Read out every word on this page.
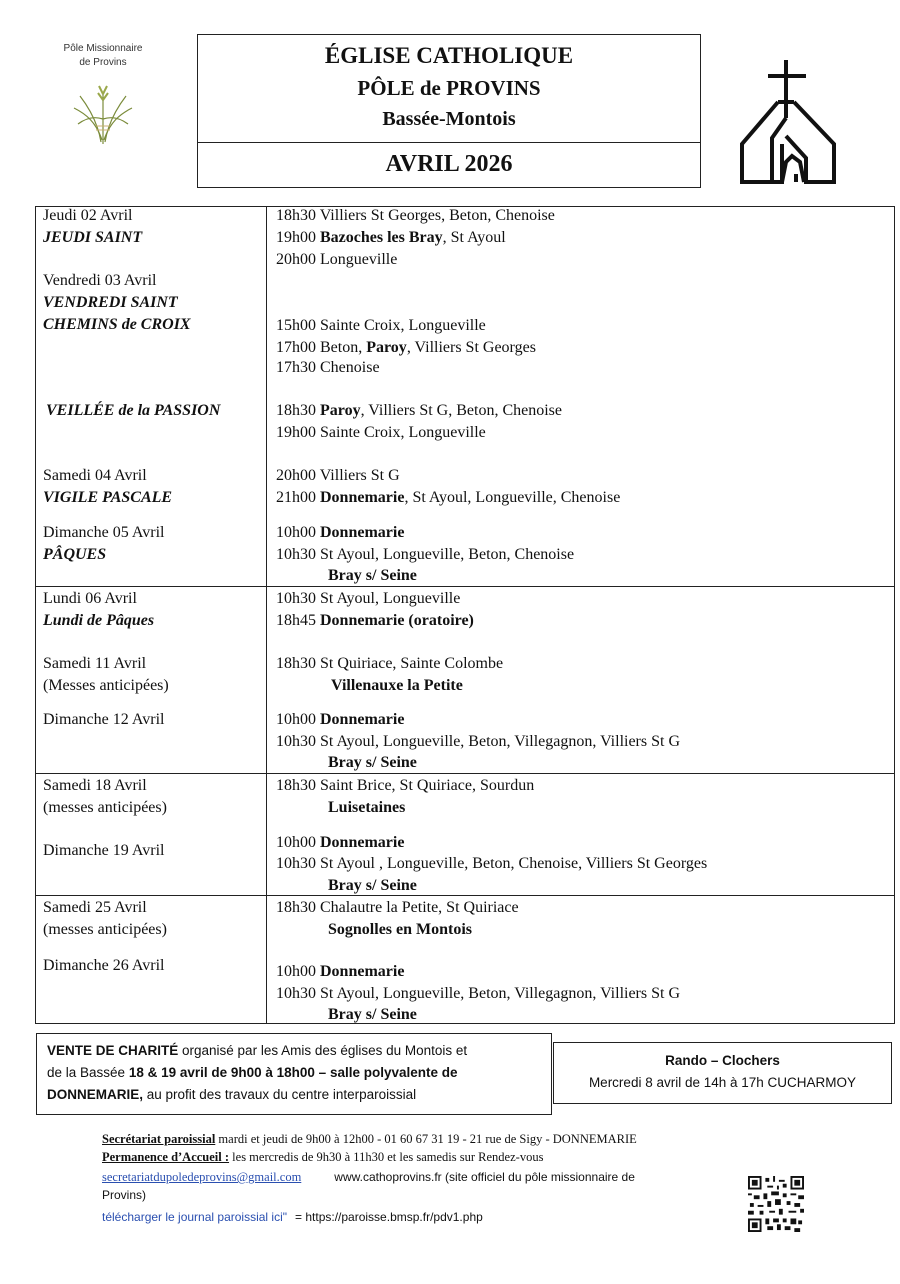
Pôle Missionnaire
de Provins	ÉGLISE CATHOLIQUE
PÔLE de PROVINS
Bassée-Montois
AVRIL 2026
Jeudi 02 Avril
JEUDI SAINT
Vendredi 03 Avril
VENDREDI SAINT
CHEMINS de CROIX
VEILLÉE de la PASSION
Samedi 04 Avril
VIGILE PASCALE
Dimanche 05 Avril
PÂQUES
18h30 Villiers St Georges, Beton, Chenoise
19h00 Bazoches les Bray, St Ayoul
20h00 Longueville
15h00 Sainte Croix, Longueville
17h00 Beton, Paroy, Villiers St Georges
17h30 Chenoise
18h30 Paroy, Villiers St G, Beton, Chenoise
19h00 Sainte Croix, Longueville
20h00 Villiers St G
21h00 Donnemarie, St Ayoul, Longueville, Chenoise
10h00 Donnemarie
10h30 St Ayoul, Longueville, Beton, Chenoise
Bray s/ Seine
Lundi 06 Avril
Lundi de Pâques
Samedi 11 Avril
(Messes anticipées)
Dimanche 12 Avril
10h30 St Ayoul, Longueville
18h45 Donnemarie (oratoire)
18h30 St Quiriace, Sainte Colombe
Villenauxe la Petite
10h00 Donnemarie
10h30 St Ayoul, Longueville, Beton, Villegagnon, Villiers St G
Bray s/ Seine
Samedi 18 Avril
(messes anticipées)
Dimanche 19 Avril
18h30 Saint Brice, St Quiriace, Sourdun
Luisetaines
10h00 Donnemarie
10h30 St Ayoul , Longueville, Beton, Chenoise, Villiers St Georges
Bray s/ Seine
Samedi 25 Avril
(messes anticipées)
Dimanche 26 Avril
18h30 Chalautre la Petite, St Quiriace
Sognolles en Montois
10h00 Donnemarie
10h30 St Ayoul, Longueville, Beton, Villegagnon, Villiers St G
Bray s/ Seine
VENTE DE CHARITÉ organisé par les Amis des églises du Montois et
de la Bassée 18 & 19 avril de 9h00 à 18h00 – salle polyvalente de
DONNEMARIE, au profit des travaux du centre interparoissial
Rando – Clochers
Mercredi 8 avril de 14h à 17h CUCHARMOY
Secrétariat paroissial mardi et jeudi de 9h00 à 12h00 - 01 60 67 31 19 - 21 rue de Sigy - DONNEMARIE
Permanence d’Accueil : les mercredis de 9h30 à 11h30 et les samedis sur Rendez-vous
secretariatdupoledeprovins@gmail.com	www.cathoprovins.fr (site officiel du pôle missionnaire de
Provins)
télécharger le journal paroissial ici" = https://paroisse.bmsp.fr/pdv1.php
